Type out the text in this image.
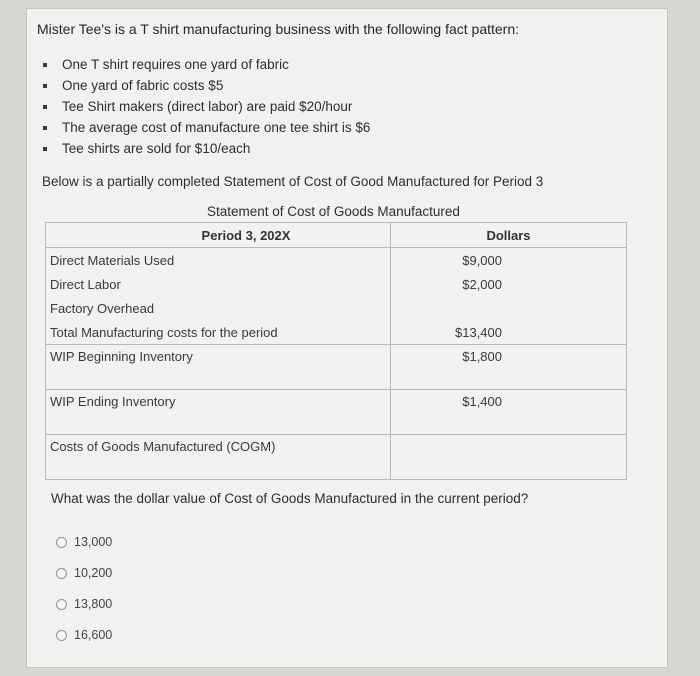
Mister Tee's is a T shirt manufacturing business with the following fact pattern:
One T shirt requires one yard of fabric
One yard of fabric costs $5
Tee Shirt makers (direct labor) are paid $20/hour
The average cost of manufacture one tee shirt is $6
Tee shirts are sold for $10/each
Below is a partially completed Statement of Cost of Good Manufactured for Period 3
Statement of Cost of Goods Manufactured
Period 3, 202X	Dollars
Direct Materials Used	$9,000
Direct Labor	$2,000
Factory Overhead	
Total Manufacturing costs for the period	$13,400
WIP Beginning Inventory	$1,800

WIP Ending Inventory	$1,400

Costs of Goods Manufactured (COGM)	

What was the dollar value of Cost of Goods Manufactured in the current period?
13,000
10,200
13,800
16,600
